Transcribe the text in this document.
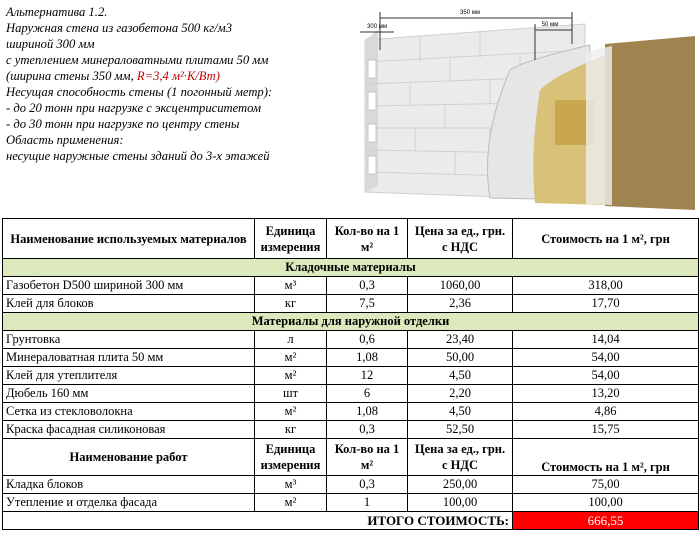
Альтернатива 1.2.
Наружная стена из газобетона 500 кг/м3
шириной 300 мм
с утеплением минераловатными плитами 50 мм
(ширина стены 350 мм, R=3,4 м²·К/Вт)
Несущая способность стены (1 погонный метр):
- до 20 тонн при нагрузке с эксцентриситетом
- до 30 тонн при нагрузке по центру стены
Область применения:
несущие наружные стены зданий до 3-х этажей
350 мм
300 мм	50 мм
Наименование используемых материалов	Единица измерения	Кол-во на 1 м²	Цена за ед., грн. с НДС	Стоимость на 1 м², грн
Кладочные материалы				
Газобетон D500 шириной 300 мм	м³	0,3	1060,00	318,00
Клей для блоков	кг	7,5	2,36	17,70
Материалы для наружной отделки				
Грунтовка	л	0,6	23,40	14,04
Минераловатная плита 50 мм	м²	1,08	50,00	54,00
Клей для утеплителя	м²	12	4,50	54,00
Дюбель 160 мм	шт	6	2,20	13,20
Сетка из стекловолокна	м²	1,08	4,50	4,86
Краска фасадная силиконовая	кг	0,3	52,50	15,75
Наименование работ	Единица измерения	Кол-во на 1 м²	Цена за ед., грн. с НДС	Стоимость на 1 м², грн
Кладка блоков	м³	0,3	250,00	75,00
Утепление и отделка фасада	м²	1	100,00	100,00
ИТОГО СТОИМОСТЬ:				666,55
